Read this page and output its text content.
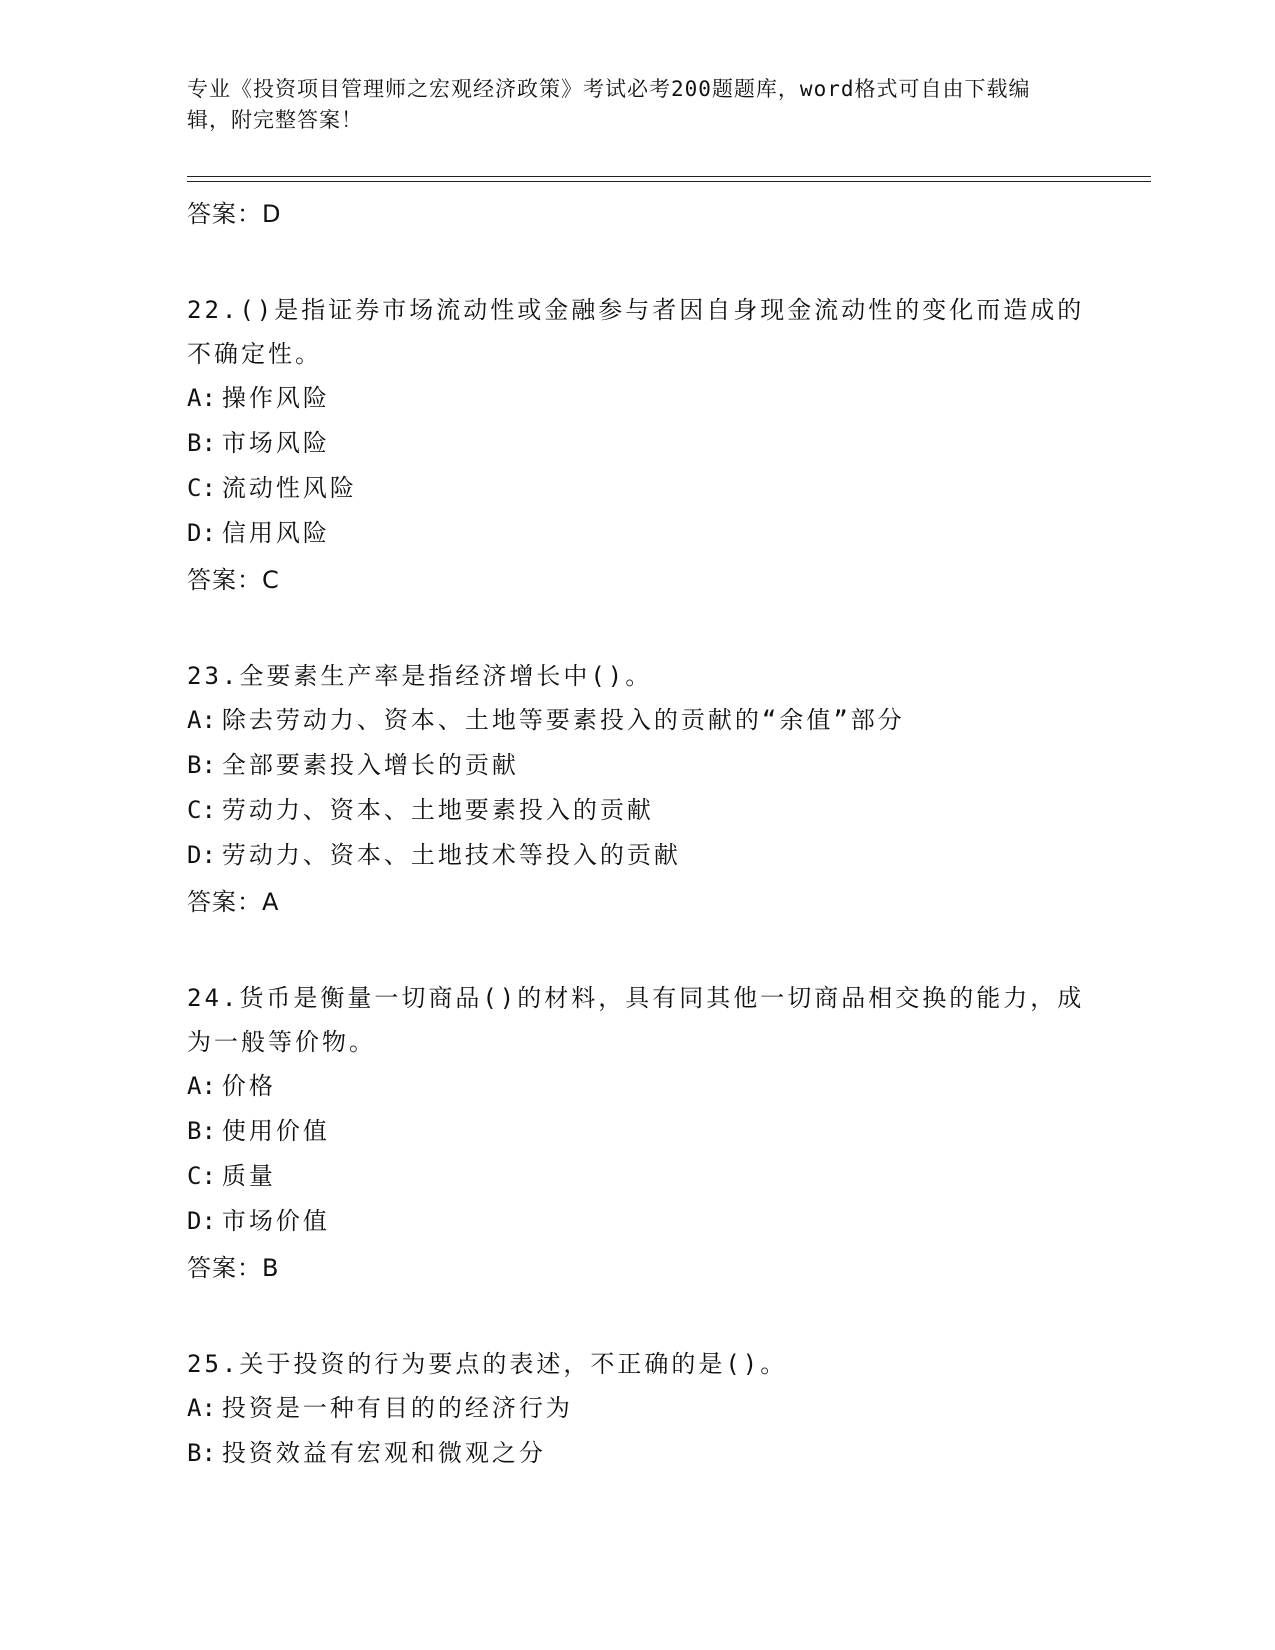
专业《投资项目管理师之宏观经济政策》考试必考200题题库，word格式可自由下载编辑，附完整答案！
答案：D
22.()是指证券市场流动性或金融参与者因自身现金流动性的变化而造成的不确定性。
A: 操作风险
B: 市场风险
C: 流动性风险
D: 信用风险
答案：C
23.全要素生产率是指经济增长中()。
A: 除去劳动力、资本、土地等要素投入的贡献的“余值”部分
B: 全部要素投入增长的贡献
C: 劳动力、资本、土地要素投入的贡献
D: 劳动力、资本、土地技术等投入的贡献
答案：A
24.货币是衡量一切商品()的材料，具有同其他一切商品相交换的能力，成为一般等价物。
A: 价格
B: 使用价值
C: 质量
D: 市场价值
答案：B
25.关于投资的行为要点的表述，不正确的是()。
A: 投资是一种有目的的经济行为
B: 投资效益有宏观和微观之分
